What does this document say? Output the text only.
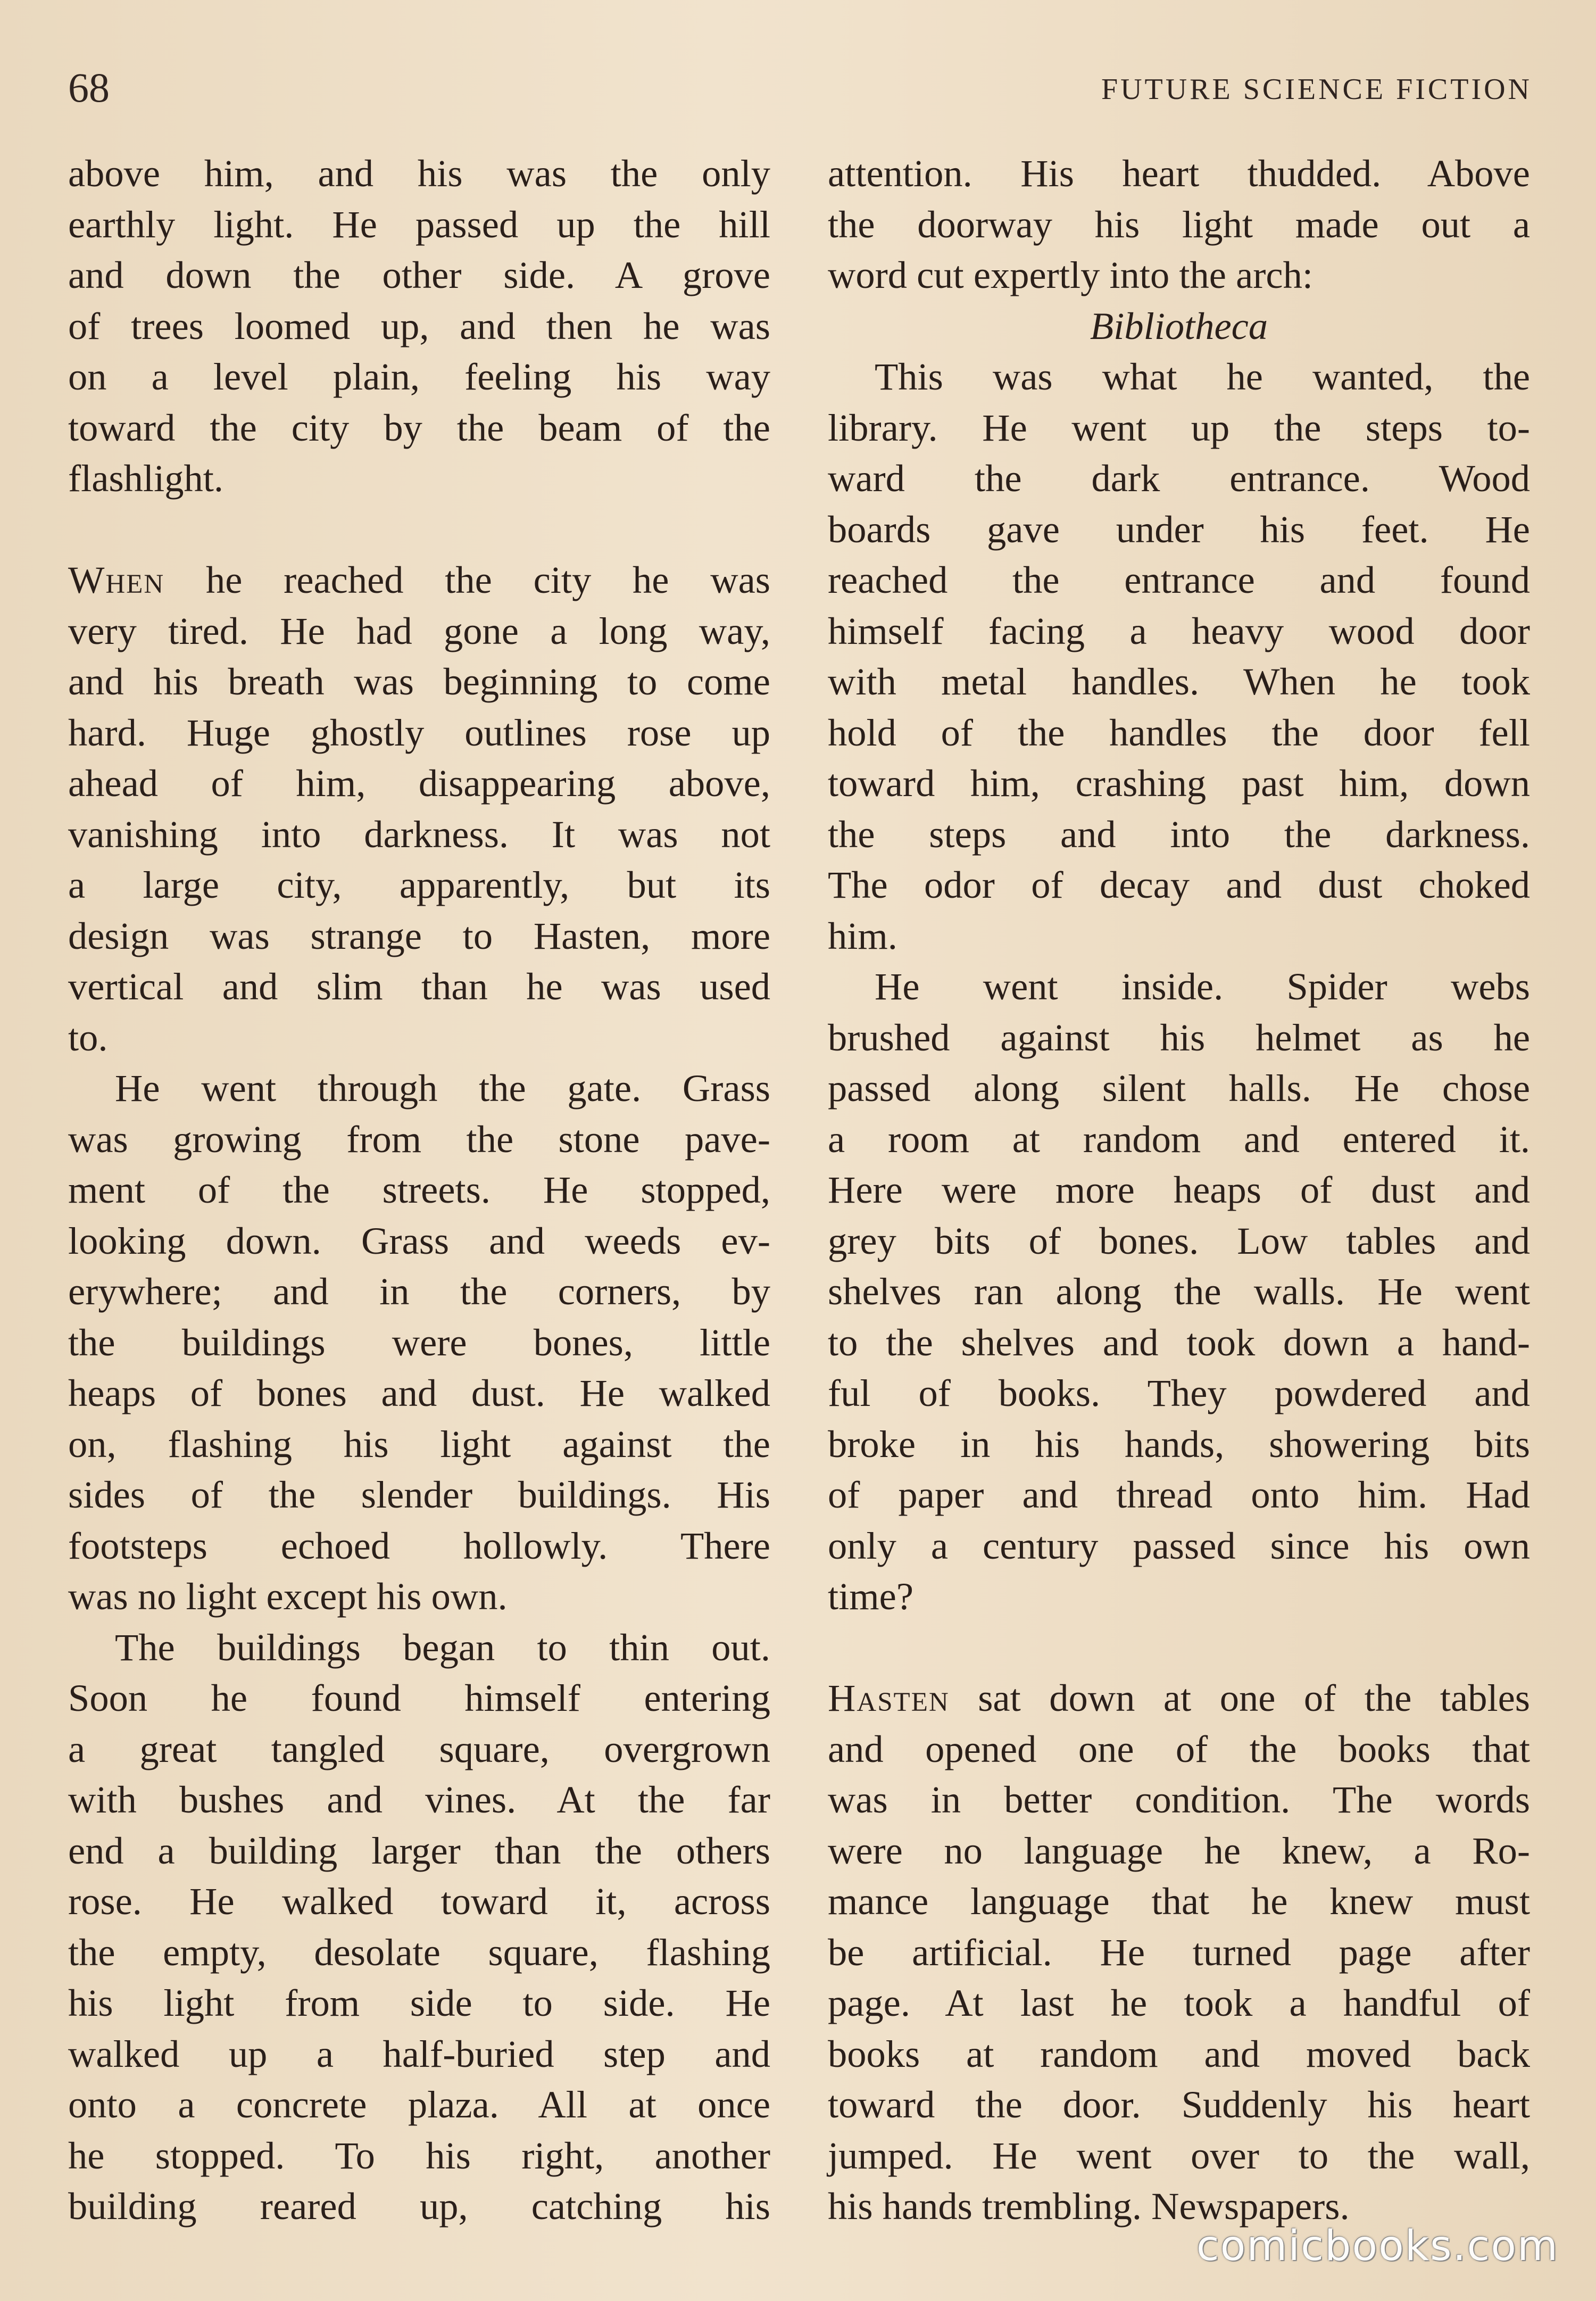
68	FUTURE SCIENCE FICTION
above him, and his was the only
earthly light. He passed up the hill
and down the other side. A grove
of trees loomed up, and then he was
on a level plain, feeling his way
toward the city by the beam of the
flashlight.
When he reached the city he was
very tired. He had gone a long way,
and his breath was beginning to come
hard. Huge ghostly outlines rose up
ahead of him, disappearing above,
vanishing into darkness. It was not
a large city, apparently, but its
design was strange to Hasten, more
vertical and slim than he was used
to.
He went through the gate. Grass
was growing from the stone pave-
ment of the streets. He stopped,
looking down. Grass and weeds ev-
erywhere; and in the corners, by
the buildings were bones, little
heaps of bones and dust. He walked
on, flashing his light against the
sides of the slender buildings. His
footsteps echoed hollowly. There
was no light except his own.
The buildings began to thin out.
Soon he found himself entering
a great tangled square, overgrown
with bushes and vines. At the far
end a building larger than the others
rose. He walked toward it, across
the empty, desolate square, flashing
his light from side to side. He
walked up a half-buried step and
onto a concrete plaza. All at once
he stopped. To his right, another
building reared up, catching his
attention. His heart thudded. Above
the doorway his light made out a
word cut expertly into the arch:
Bibliotheca
This was what he wanted, the
library. He went up the steps to-
ward the dark entrance. Wood
boards gave under his feet. He
reached the entrance and found
himself facing a heavy wood door
with metal handles. When he took
hold of the handles the door fell
toward him, crashing past him, down
the steps and into the darkness.
The odor of decay and dust choked
him.
He went inside. Spider webs
brushed against his helmet as he
passed along silent halls. He chose
a room at random and entered it.
Here were more heaps of dust and
grey bits of bones. Low tables and
shelves ran along the walls. He went
to the shelves and took down a hand-
ful of books. They powdered and
broke in his hands, showering bits
of paper and thread onto him. Had
only a century passed since his own
time?
Hasten sat down at one of the tables
and opened one of the books that
was in better condition. The words
were no language he knew, a Ro-
mance language that he knew must
be artificial. He turned page after
page. At last he took a handful of
books at random and moved back
toward the door. Suddenly his heart
jumped. He went over to the wall,
his hands trembling. Newspapers.
comicbooks.com
